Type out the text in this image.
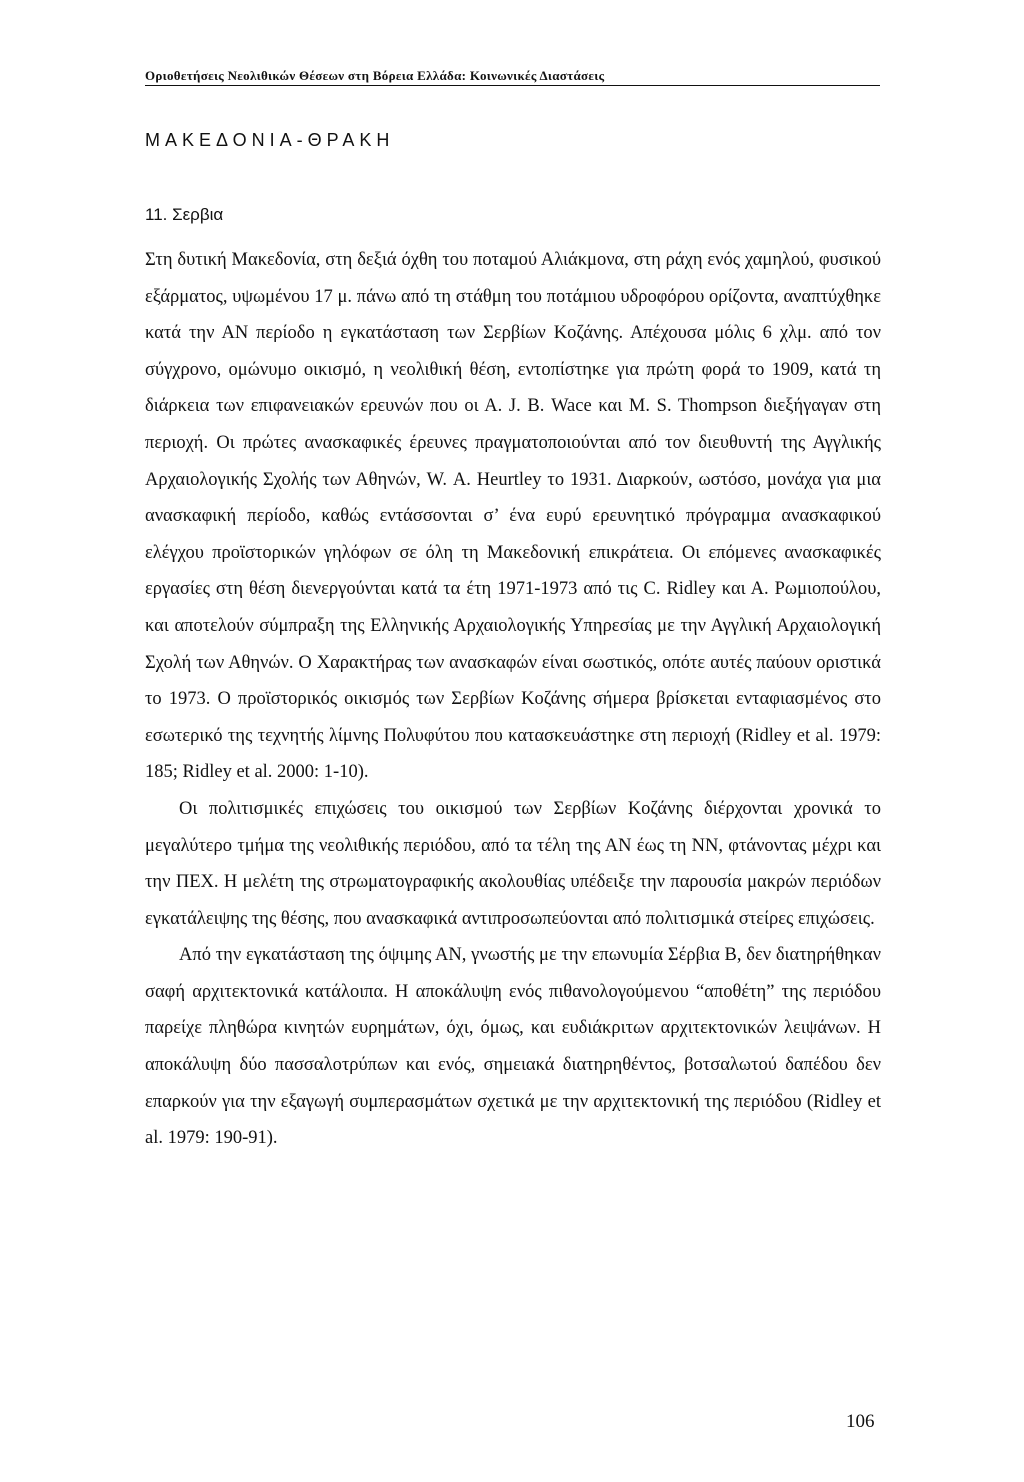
Οριοθετήσεις Νεολιθικών Θέσεων στη Βόρεια Ελλάδα: Κοινωνικές Διαστάσεις
ΜΑΚΕΔΟΝΙΑ-ΘΡΑΚΗ
11. Σερβια

Στη δυτική Μακεδονία, στη δεξιά όχθη του ποταμού Αλιάκμονα, στη ράχη ενός χαμηλού, φυσικού εξάρματος, υψωμένου 17 μ. πάνω από τη στάθμη του ποτάμιου υδροφόρου ορίζοντα, αναπτύχθηκε κατά την ΑΝ περίοδο η εγκατάσταση των Σερβίων Κοζάνης. Απέχουσα μόλις 6 χλμ. από τον σύγχρονο, ομώνυμο οικισμό, η νεολιθική θέση, εντοπίστηκε για πρώτη φορά το 1909, κατά τη διάρκεια των επιφανειακών ερευνών που οι Α. J. Β. Wace και Μ. S. Thompson διεξήγαγαν στη περιοχή. Οι πρώτες ανασκαφικές έρευνες πραγματοποιούνται από τον διευθυντή της Αγγλικής Αρχαιολογικής Σχολής των Αθηνών, W. Α. Heurtley το 1931. Διαρκούν, ωστόσο, μονάχα για μια ανασκαφική περίοδο, καθώς εντάσσονται σ’ ένα ευρύ ερευνητικό πρόγραμμα ανασκαφικού ελέγχου προϊστορικών γηλόφων σε όλη τη Μακεδονική επικράτεια. Οι επόμενες ανασκαφικές εργασίες στη θέση διενεργούνται κατά τα έτη 1971-1973 από τις C. Ridley και Α. Ρωμιοπούλου, και αποτελούν σύμπραξη της Ελληνικής Αρχαιολογικής Υπηρεσίας με την Αγγλική Αρχαιολογική Σχολή των Αθηνών. Ο Χαρακτήρας των ανασκαφών είναι σωστικός, οπότε αυτές παύουν οριστικά το 1973. Ο προϊστορικός οικισμός των Σερβίων Κοζάνης σήμερα βρίσκεται ενταφιασμένος στο εσωτερικό της τεχνητής λίμνης Πολυφύτου που κατασκευάστηκε στη περιοχή (Ridley et al. 1979: 185; Ridley et al. 2000: 1-10).

Οι πολιτισμικές επιχώσεις του οικισμού των Σερβίων Κοζάνης διέρχονται χρονικά το μεγαλύτερο τμήμα της νεολιθικής περιόδου, από τα τέλη της ΑΝ έως τη ΝΝ, φτάνοντας μέχρι και την ΠΕΧ. Η μελέτη της στρωματογραφικής ακολουθίας υπέδειξε την παρουσία μακρών περιόδων εγκατάλειψης της θέσης, που ανασκαφικά αντιπροσωπεύονται από πολιτισμικά στείρες επιχώσεις.

Από την εγκατάσταση της όψιμης ΑΝ, γνωστής με την επωνυμία Σέρβια Β, δεν διατηρήθηκαν σαφή αρχιτεκτονικά κατάλοιπα. Η αποκάλυψη ενός πιθανολογούμενου “αποθέτη” της περιόδου παρείχε πληθώρα κινητών ευρημάτων, όχι, όμως, και ευδιάκριτων αρχιτεκτονικών λειψάνων. Η αποκάλυψη δύο πασσαλοτρύπων και ενός, σημειακά διατηρηθέντος, βοτσαλωτού δαπέδου δεν επαρκούν για την εξαγωγή συμπερασμάτων σχετικά με την αρχιτεκτονική της περιόδου (Ridley et al. 1979: 190-91).

106
